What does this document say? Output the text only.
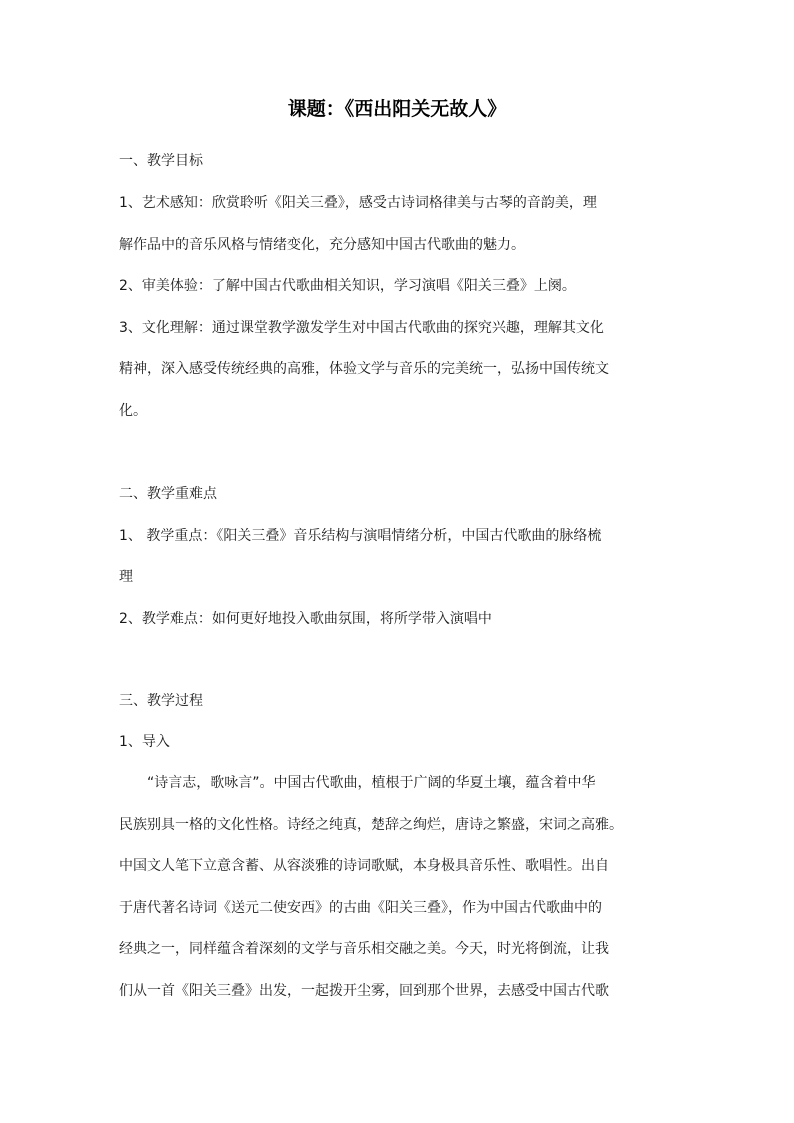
课题：《西出阳关无故人》
一、教学目标
1、艺术感知：欣赏聆听《阳关三叠》，感受古诗词格律美与古琴的音韵美，理
解作品中的音乐风格与情绪变化，充分感知中国古代歌曲的魅力。
2、审美体验：了解中国古代歌曲相关知识，学习演唱《阳关三叠》上阕。
3、文化理解：通过课堂教学激发学生对中国古代歌曲的探究兴趣，理解其文化
精神，深入感受传统经典的高雅，体验文学与音乐的完美统一，弘扬中国传统文
化。
二、教学重难点
1、 教学重点：《阳关三叠》音乐结构与演唱情绪分析，中国古代歌曲的脉络梳
理
2、教学难点：如何更好地投入歌曲氛围，将所学带入演唱中
三、教学过程
1、导入
“诗言志，歌咏言”。中国古代歌曲，植根于广阔的华夏土壤，蕴含着中华
民族别具一格的文化性格。诗经之纯真，楚辞之绚烂，唐诗之繁盛，宋词之高雅。
中国文人笔下立意含蓄、从容淡雅的诗词歌赋，本身极具音乐性、歌唱性。出自
于唐代著名诗词《送元二使安西》的古曲《阳关三叠》，作为中国古代歌曲中的
经典之一，同样蕴含着深刻的文学与音乐相交融之美。今天，时光将倒流，让我
们从一首《阳关三叠》出发，一起拨开尘雾，回到那个世界，去感受中国古代歌
